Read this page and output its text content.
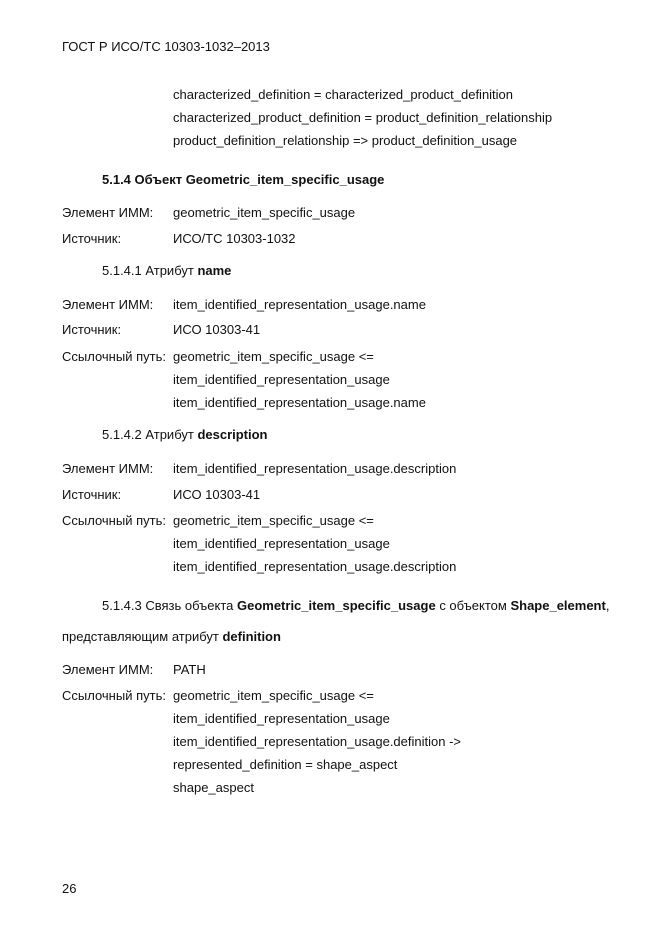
ГОСТ Р ИСО/ТС 10303-1032–2013
characterized_definition = characterized_product_definition
characterized_product_definition = product_definition_relationship
product_definition_relationship => product_definition_usage
5.1.4 Объект Geometric_item_specific_usage
Элемент ИММ: geometric_item_specific_usage
Источник:	ИСО/ТС 10303-1032
5.1.4.1 Атрибут name
Элемент ИММ: item_identified_representation_usage.name
Источник:	ИСО 10303-41
Ссылочный путь: geometric_item_specific_usage <=
item_identified_representation_usage
item_identified_representation_usage.name
5.1.4.2 Атрибут description
Элемент ИММ: item_identified_representation_usage.description
Источник:	ИСО 10303-41
Ссылочный путь: geometric_item_specific_usage <=
item_identified_representation_usage
item_identified_representation_usage.description
5.1.4.3 Связь объекта Geometric_item_specific_usage с объектом Shape_element,
представляющим атрибут definition
Элемент ИММ: PATH
Ссылочный путь: geometric_item_specific_usage <=
item_identified_representation_usage
item_identified_representation_usage.definition ->
represented_definition = shape_aspect
shape_aspect
26
